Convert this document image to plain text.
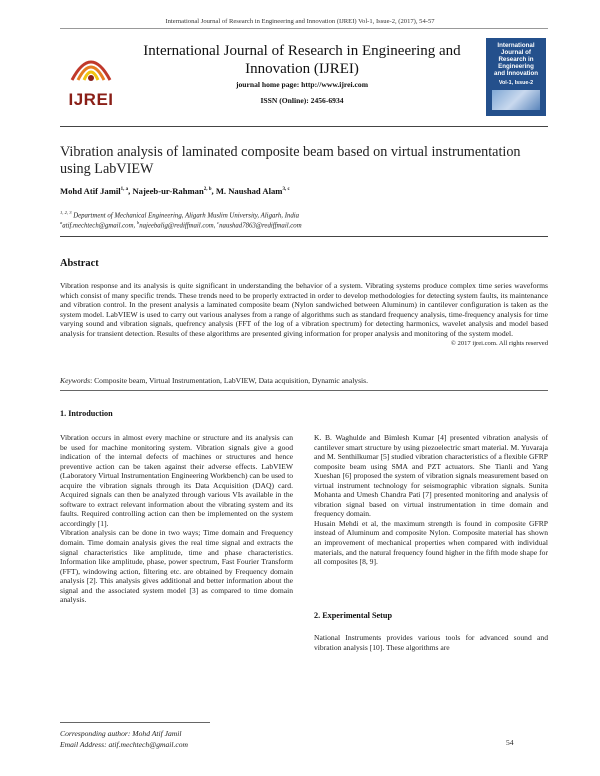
International Journal of Research in Engineering and Innovation (IJREI) Vol-1, Issue-2, (2017), 54-57
IJREI
International Journal of Research in Engineering and Innovation (IJREI)
journal home page: http://www.ijrei.com
ISSN (Online): 2456-6934
International
Journal of
Research in
Engineering
and Innovation
Vol-1, Issue-2
Vibration analysis of laminated composite beam based on virtual instrumentation using LabVIEW
Mohd Atif Jamil$^{1, a}$, Najeeb-ur-Rahman$^{2, b}$, M. Naushad Alam$^{3, c}$
$^{1, 2, 3}$ Department of Mechanical Engineering, Aligarh Muslim University, Aligarh, India
$^a$atif.mechtech@gmail.com, $^b$najeebalig@rediffmail.com, $^c$naushad7863@rediffmail.com
Abstract
Vibration response and its analysis is quite significant in understanding the behavior of a system. Vibrating systems produce complex time series waveforms which consist of many specific trends. These trends need to be properly extracted in order to develop methodologies for detecting system faults, its maintenance and vibration control. In the present analysis a laminated composite beam (Nylon sandwiched between Aluminum) in cantilever configuration is taken as the system model. LabVIEW is used to carry out various analyses from a range of algorithms such as standard frequency analysis, time-frequency analysis for time varying sound and vibration signals, quefrency analysis (FFT of the log of a vibration spectrum) for detecting harmonics, wavelet analysis and model based analysis for transient detection. Results of these algorithms are presented giving information for proper analysis and monitoring of the system model.
© 2017 ijrei.com. All rights reserved
Keywords: Composite beam, Virtual Instrumentation, LabVIEW, Data acquisition, Dynamic analysis.
1. Introduction

Vibration occurs in almost every machine or structure and its analysis can be used for machine monitoring system. Vibration signals give a good indication of the internal defects of machines or structures and hence preventive action can be taken against their adverse effects. LabVIEW (Laboratory Virtual Instrumentation Engineering Workbench) can be used to acquire the vibration signals through its Data Acquisition (DAQ) card. Acquired signals can then be analyzed through various VIs available in the software to extract relevant information about the vibrating system and its faults. Required controlling action can then be implemented on the system accordingly [1].

Vibration analysis can be done in two ways; Time domain and Frequency domain. Time domain analysis gives the real time signal and extracts the signal characteristics like amplitude, time and phase characteristics. Information like amplitude, phase, power spectrum, Fast Fourier Transform (FFT), windowing action, filtering etc. are obtained by Frequency domain analysis [2]. This analysis gives additional and better information about the signal and the associated system model [3] as compared to time domain analysis.

K. B. Waghulde and Bimlesh Kumar [4] presented vibration analysis of cantilever smart structure by using piezoelectric smart material. M. Yuvaraja and M. Senthilkumar [5] studied vibration characteristics of a flexible GFRP composite beam using SMA and PZT actuators. She Tianli and Yang Xueshan [6] proposed the system of vibration signals measurement based on virtual instrument technology for seismographic vibration signals. Sunita Mohanta and Umesh Chandra Pati [7] presented monitoring and analysis of vibration signal based on virtual instrumentation in time domain and frequency domain.

Husain Mehdi et al, the maximum strength is found in composite GFRP instead of Aluminum and composite Nylon. Composite material has shown an improvement of mechanical properties when compared with individual materials, and the natural frequency found higher in the fifth mode shape for all composites [8, 9].

2. Experimental Setup

National Instruments provides various tools for advanced sound and vibration analysis [10]. These algorithms are

Corresponding author: Mohd Atif Jamil
Email Address: atif.mechtech@gmail.com	54
